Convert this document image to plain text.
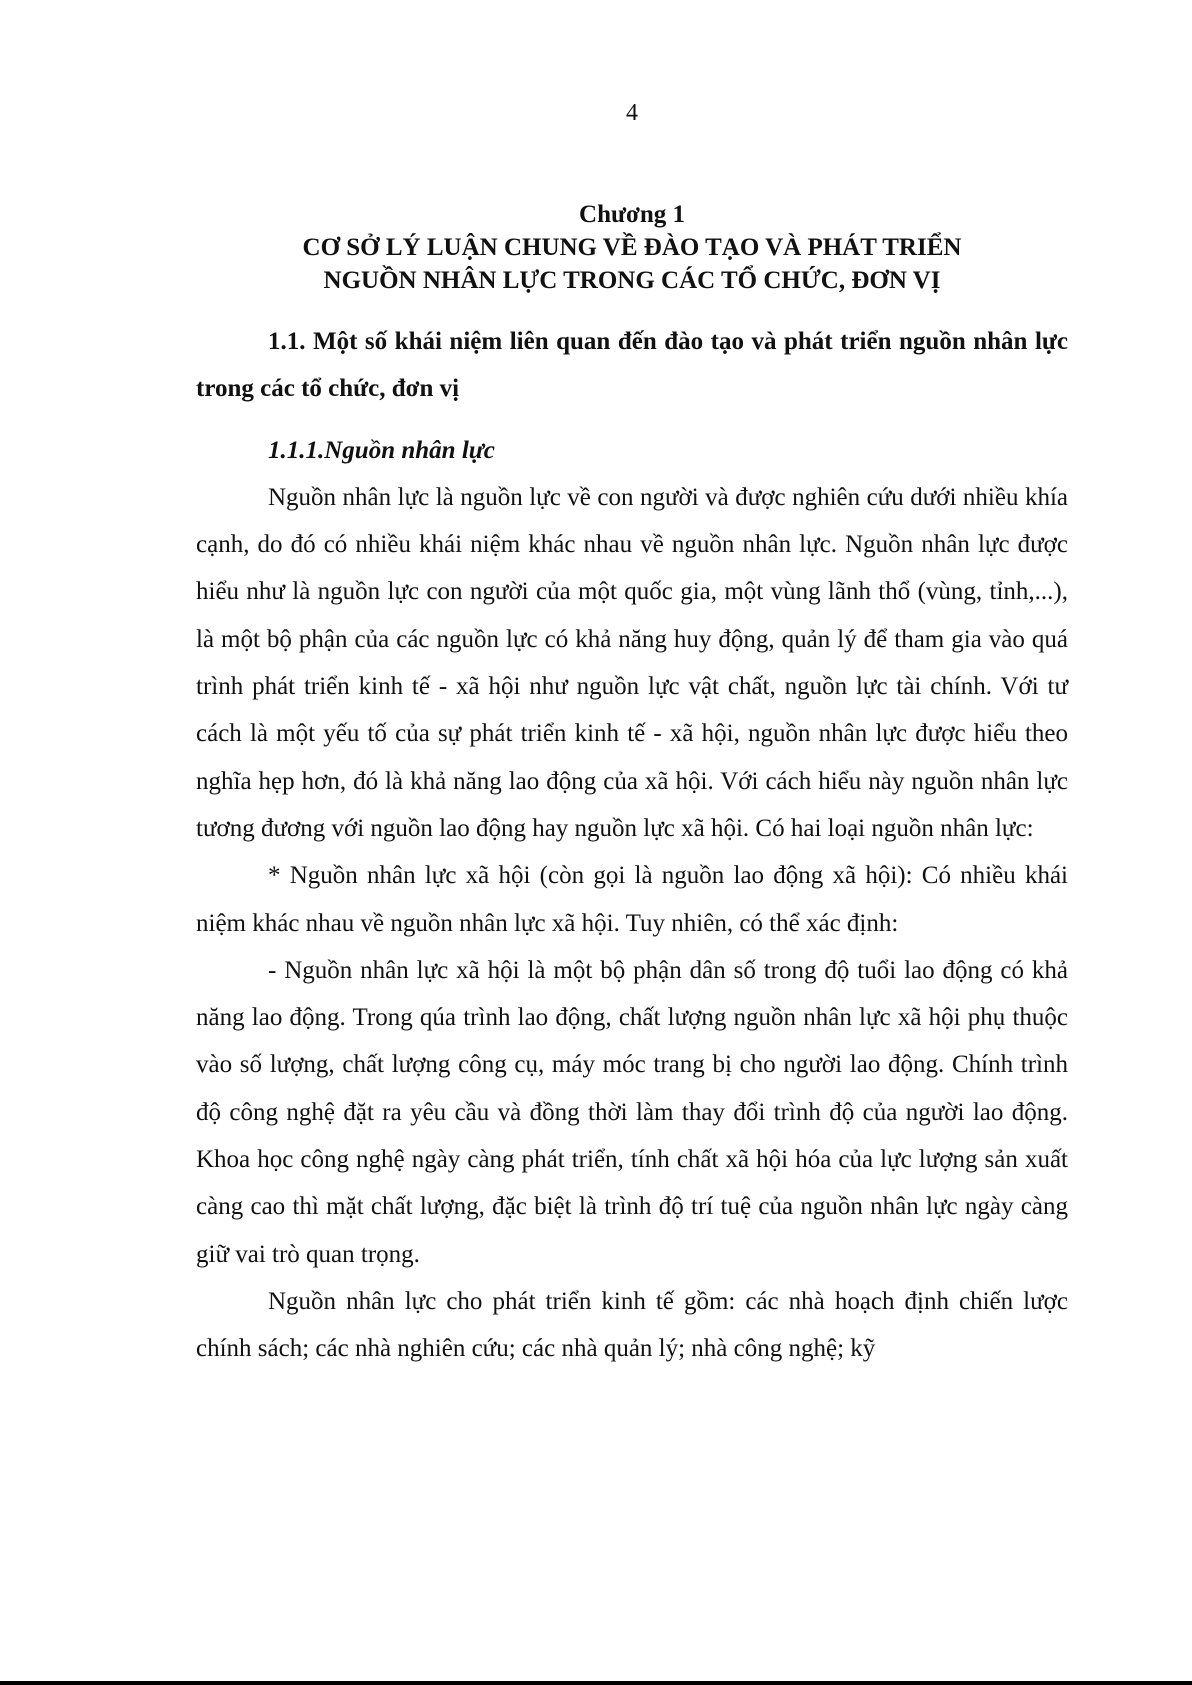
4
Chương 1
CƠ SỞ LÝ LUẬN CHUNG VỀ ĐÀO TẠO VÀ PHÁT TRIỂN
NGUỒN NHÂN LỰC TRONG CÁC TỔ CHỨC, ĐƠN VỊ

1.1. Một số khái niệm liên quan đến đào tạo và phát triển nguồn nhân lực trong các tổ chức, đơn vị

1.1.1.Nguồn nhân lực

Nguồn nhân lực là nguồn lực về con người và được nghiên cứu dưới nhiều khía cạnh, do đó có nhiều khái niệm khác nhau về nguồn nhân lực. Nguồn nhân lực được hiểu như là nguồn lực con người của một quốc gia, một vùng lãnh thổ (vùng, tỉnh,...), là một bộ phận của các nguồn lực có khả năng huy động, quản lý để tham gia vào quá trình phát triển kinh tế - xã hội như nguồn lực vật chất, nguồn lực tài chính. Với tư cách là một yếu tố của sự phát triển kinh tế - xã hội, nguồn nhân lực được hiểu theo nghĩa hẹp hơn, đó là khả năng lao động của xã hội. Với cách hiểu này nguồn nhân lực tương đương với nguồn lao động hay nguồn lực xã hội. Có hai loại nguồn nhân lực:

* Nguồn nhân lực xã hội (còn gọi là nguồn lao động xã hội): Có nhiều khái niệm khác nhau về nguồn nhân lực xã hội. Tuy nhiên, có thể xác định:

- Nguồn nhân lực xã hội là một bộ phận dân số trong độ tuổi lao động có khả năng lao động. Trong qúa trình lao động, chất lượng nguồn nhân lực xã hội phụ thuộc vào số lượng, chất lượng công cụ, máy móc trang bị cho người lao động. Chính trình độ công nghệ đặt ra yêu cầu và đồng thời làm thay đổi trình độ của người lao động. Khoa học công nghệ ngày càng phát triển, tính chất xã hội hóa của lực lượng sản xuất càng cao thì mặt chất lượng, đặc biệt là trình độ trí tuệ của nguồn nhân lực ngày càng giữ vai trò quan trọng.

Nguồn nhân lực cho phát triển kinh tế gồm: các nhà hoạch định chiến lược chính sách; các nhà nghiên cứu; các nhà quản lý; nhà công nghệ; kỹ
